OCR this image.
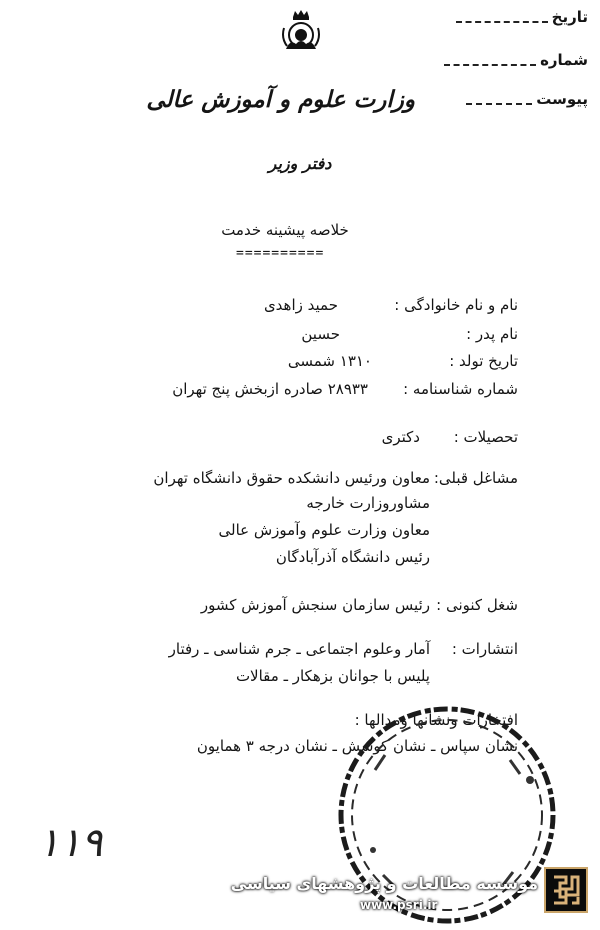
تاریخ
شماره
پیوست
وزارت علوم و آموزش عالی
دفتر وزیر
خلاصه پیشینه خدمت
==========
نام و نام خانوادگی :
حمید زاهدی
نام پدر :
حسین
تاریخ تولد :
۱۳۱۰ شمسی
شماره شناسنامه :
۲۸۹۳۳ صادره ازبخش پنج تهران
تحصیلات :
دکتری
مشاغل قبلی:
معاون ورئیس دانشکده حقوق دانشگاه تهران
مشاوروزارت خارجه
معاون وزارت علوم وآموزش عالی
رئیس دانشگاه آذرآبادگان
شغل کنونی :
رئیس سازمان سنجش آموزش کشور
انتشارات :
آمار وعلوم اجتماعی ـ جرم شناسی ـ رفتار
پلیس با جوانان بزهکار ـ مقالات
افتخارات ونشانها ومدالها :
نشان سپاس ـ نشان کوشش ـ نشان درجه ۳ همایون
۱۱۹
موسسه مطالعات و پژوهشهای سیاسی
www.psri.ir
